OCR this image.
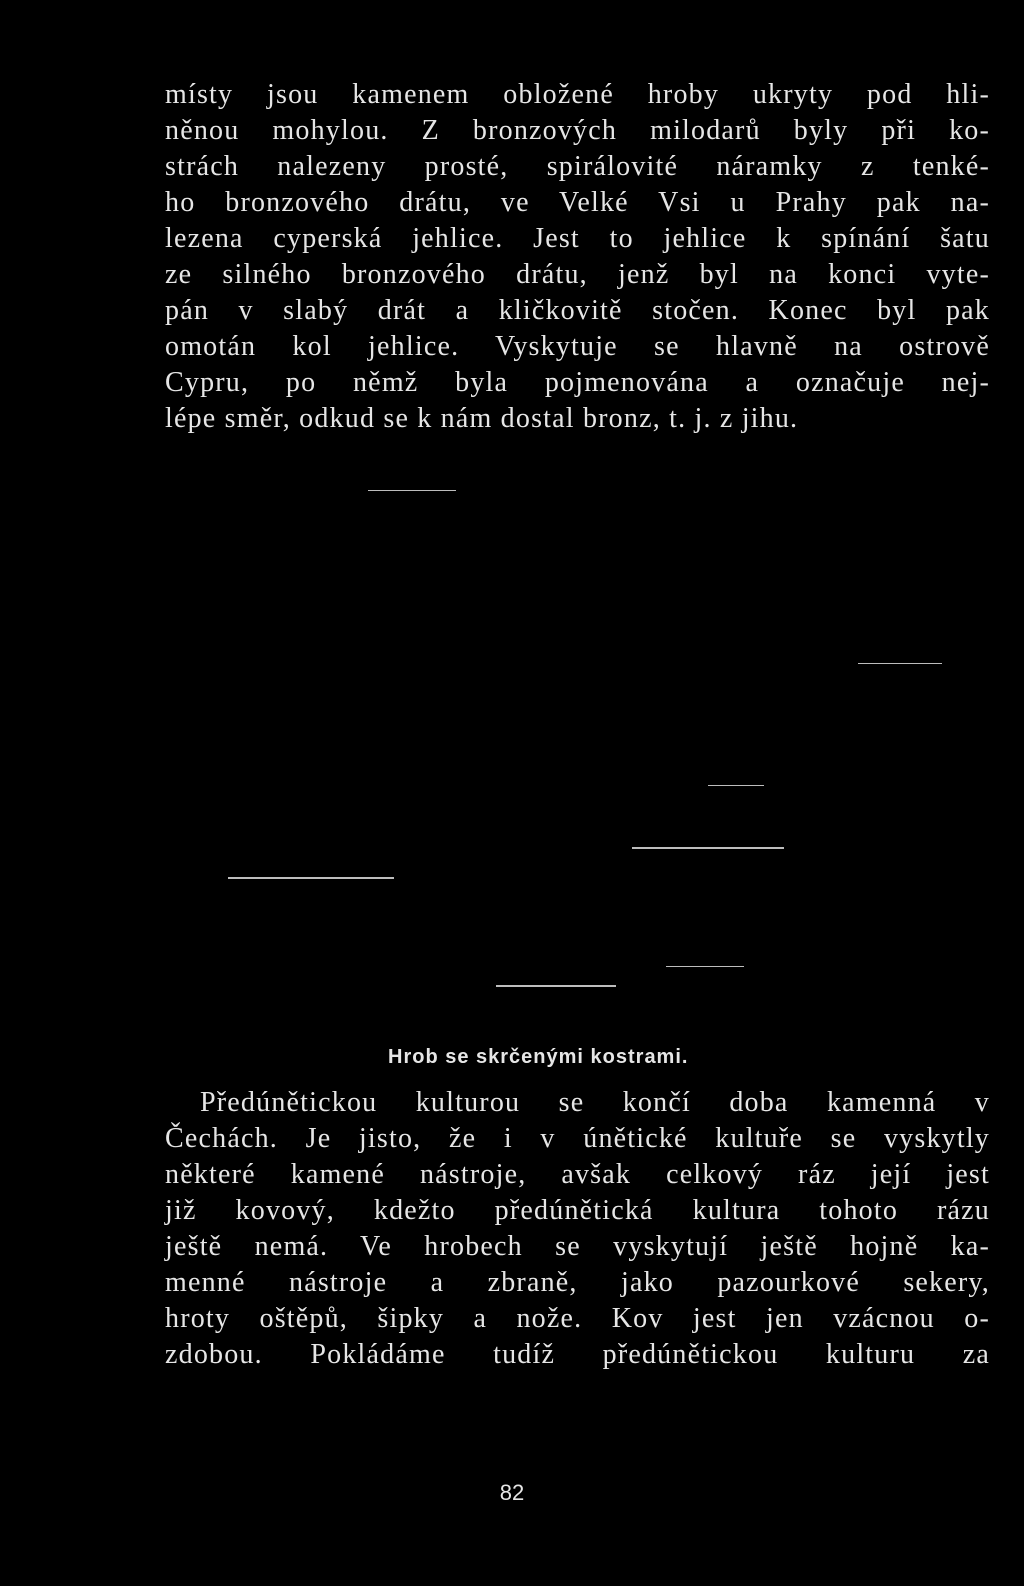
místy jsou kamenem obložené hroby ukryty pod hli-
něnou mohylou. Z bronzových milodarů byly při ko-
strách nalezeny prosté, spirálovité náramky z tenké-
ho bronzového drátu, ve Velké Vsi u Prahy pak na-
lezena cyperská jehlice. Jest to jehlice k spínání šatu
ze silného bronzového drátu, jenž byl na konci vyte-
pán v slabý drát a kličkovitě stočen. Konec byl pak
omotán kol jehlice. Vyskytuje se hlavně na ostrově
Cypru, po němž byla pojmenována a označuje nej-
lépe směr, odkud se k nám dostal bronz, t. j. z jihu.
Hrob se skrčenými kostrami.
Předúnětickou kulturou se končí doba kamenná v
Čechách. Je jisto, že i v únětické kultuře se vyskytly
některé kamené nástroje, avšak celkový ráz její jest
již kovový, kdežto předúnětická kultura tohoto rázu
ještě nemá. Ve hrobech se vyskytují ještě hojně ka-
menné nástroje a zbraně, jako pazourkové sekery,
hroty oštěpů, šipky a nože. Kov jest jen vzácnou o-
zdobou. Pokládáme tudíž předúnětickou kulturu za
82
